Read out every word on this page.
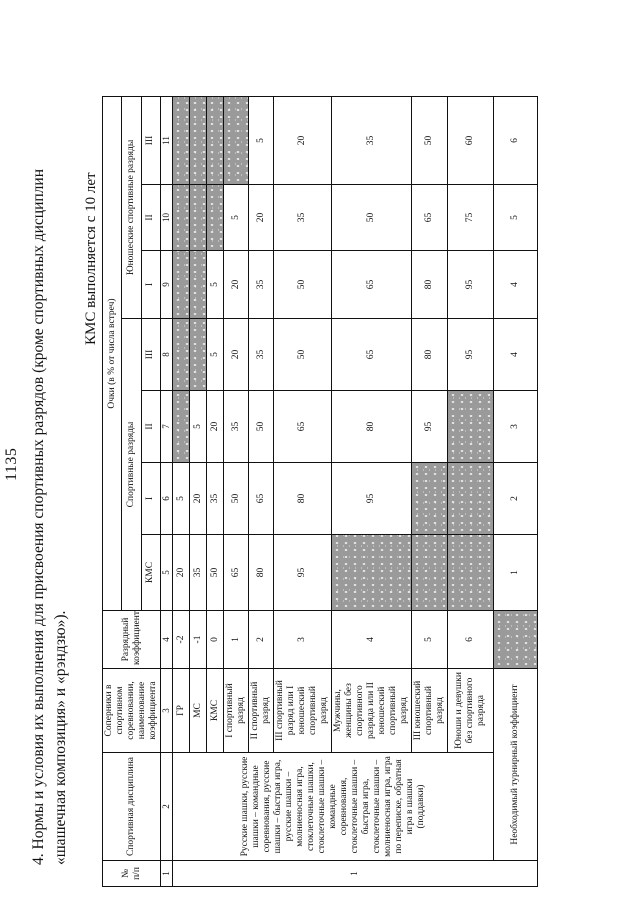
1135 4. Нормы и условия их выполнения для присвоения спортивных разрядов (кроме спортивных дисциплин «шашечная композиция» и «рэндзю»).
КМС выполняется с 10 лет
№ п/п	Спортивная дисциплина	Соперники в спортивном соревновании, наименование коэффициента	Разрядный коэффициент	Очки (в % от числа встреч)						
				Спортивные разряды				Юношеские спортивные разряды		
				КМС	I	II	III	I	II	III
1	2	3	4	5	6	7	8	9	10	11
1	Русские шашки, русские шашки – командные соревнования, русские шашки – быстрая игра, русские шашки – молниеносная игра, стоклеточные шашки, стоклеточные шашки – командные соревнования, стоклеточные шашки – быстрая игра, стоклеточные шашки – молниеносная игра, игра по переписке, обратная игра в шашки (поддавки)	ГР	-2	20	5					
		МС	-1	35	20	5				
		КМС	0	50	35	20	5	5		
		I спортивный разряд	1	65	50	35	20	20	5	
		II спортивный разряд	2	80	65	50	35	35	20	5
		III спортивный разряд или I юношеский спортивный разряд	3	95	80	65	50	50	35	20
		Мужчины, женщины без спортивного разряда или II юношеский спортивный разряд	4		95	80	65	65	50	35
		III юношеский спортивный разряд	5			95	80	80	65	50
		Юноши и девушки без спортивного разряда	6				95	95	75	60
	Необходимый турнирный коэффициент			1	2	3	4	4	5	6
